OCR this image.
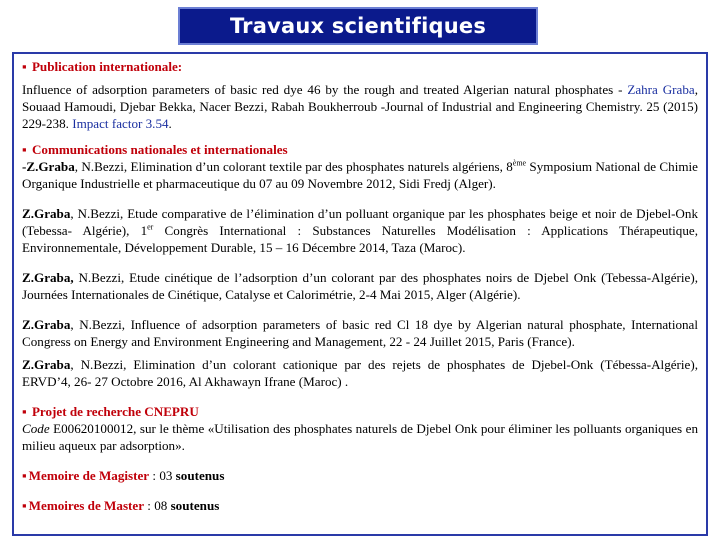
Travaux scientifiques
▪ Publication internationale:

Influence of adsorption parameters of basic red dye 46 by the rough and treated Algerian natural phosphates - Zahra Graba, Souaad Hamoudi, Djebar Bekka, Nacer Bezzi, Rabah Boukherroub -Journal of Industrial and Engineering Chemistry. 25 (2015) 229-238. Impact factor 3.54.

▪ Communications nationales et internationales

-Z.Graba, N.Bezzi, Elimination d’un colorant textile par des phosphates naturels algériens, 8ème Symposium National de Chimie Organique Industrielle et pharmaceutique du 07 au 09 Novembre 2012, Sidi Fredj (Alger).

Z.Graba, N.Bezzi, Etude comparative de l’élimination d’un polluant organique par les phosphates beige et noir de Djebel-Onk (Tebessa- Algérie), 1er Congrès International : Substances Naturelles Modélisation : Applications Thérapeutique, Environnementale, Développement Durable, 15 – 16 Décembre 2014, Taza (Maroc).

Z.Graba, N.Bezzi, Etude cinétique de l’adsorption d’un colorant par des phosphates noirs de Djebel Onk (Tebessa-Algérie), Journées Internationales de Cinétique, Catalyse et Calorimétrie, 2-4 Mai 2015, Alger (Algérie).

Z.Graba, N.Bezzi, Influence of adsorption parameters of basic red Cl 18 dye by Algerian natural phosphate, International Congress on Energy and Environment Engineering and Management, 22 - 24 Juillet 2015, Paris (France).

Z.Graba, N.Bezzi, Elimination d’un colorant cationique par des rejets de phosphates de Djebel-Onk (Tébessa-Algérie), ERVD’4, 26- 27 Octobre 2016, Al Akhawayn Ifrane (Maroc) .

▪ Projet de recherche CNEPRU

Code E00620100012, sur le thème «Utilisation des phosphates naturels de Djebel Onk pour éliminer les polluants organiques en milieu aqueux par adsorption».

▪ Memoire de Magister : 03 soutenus
▪ Memoires de Master : 08 soutenus
